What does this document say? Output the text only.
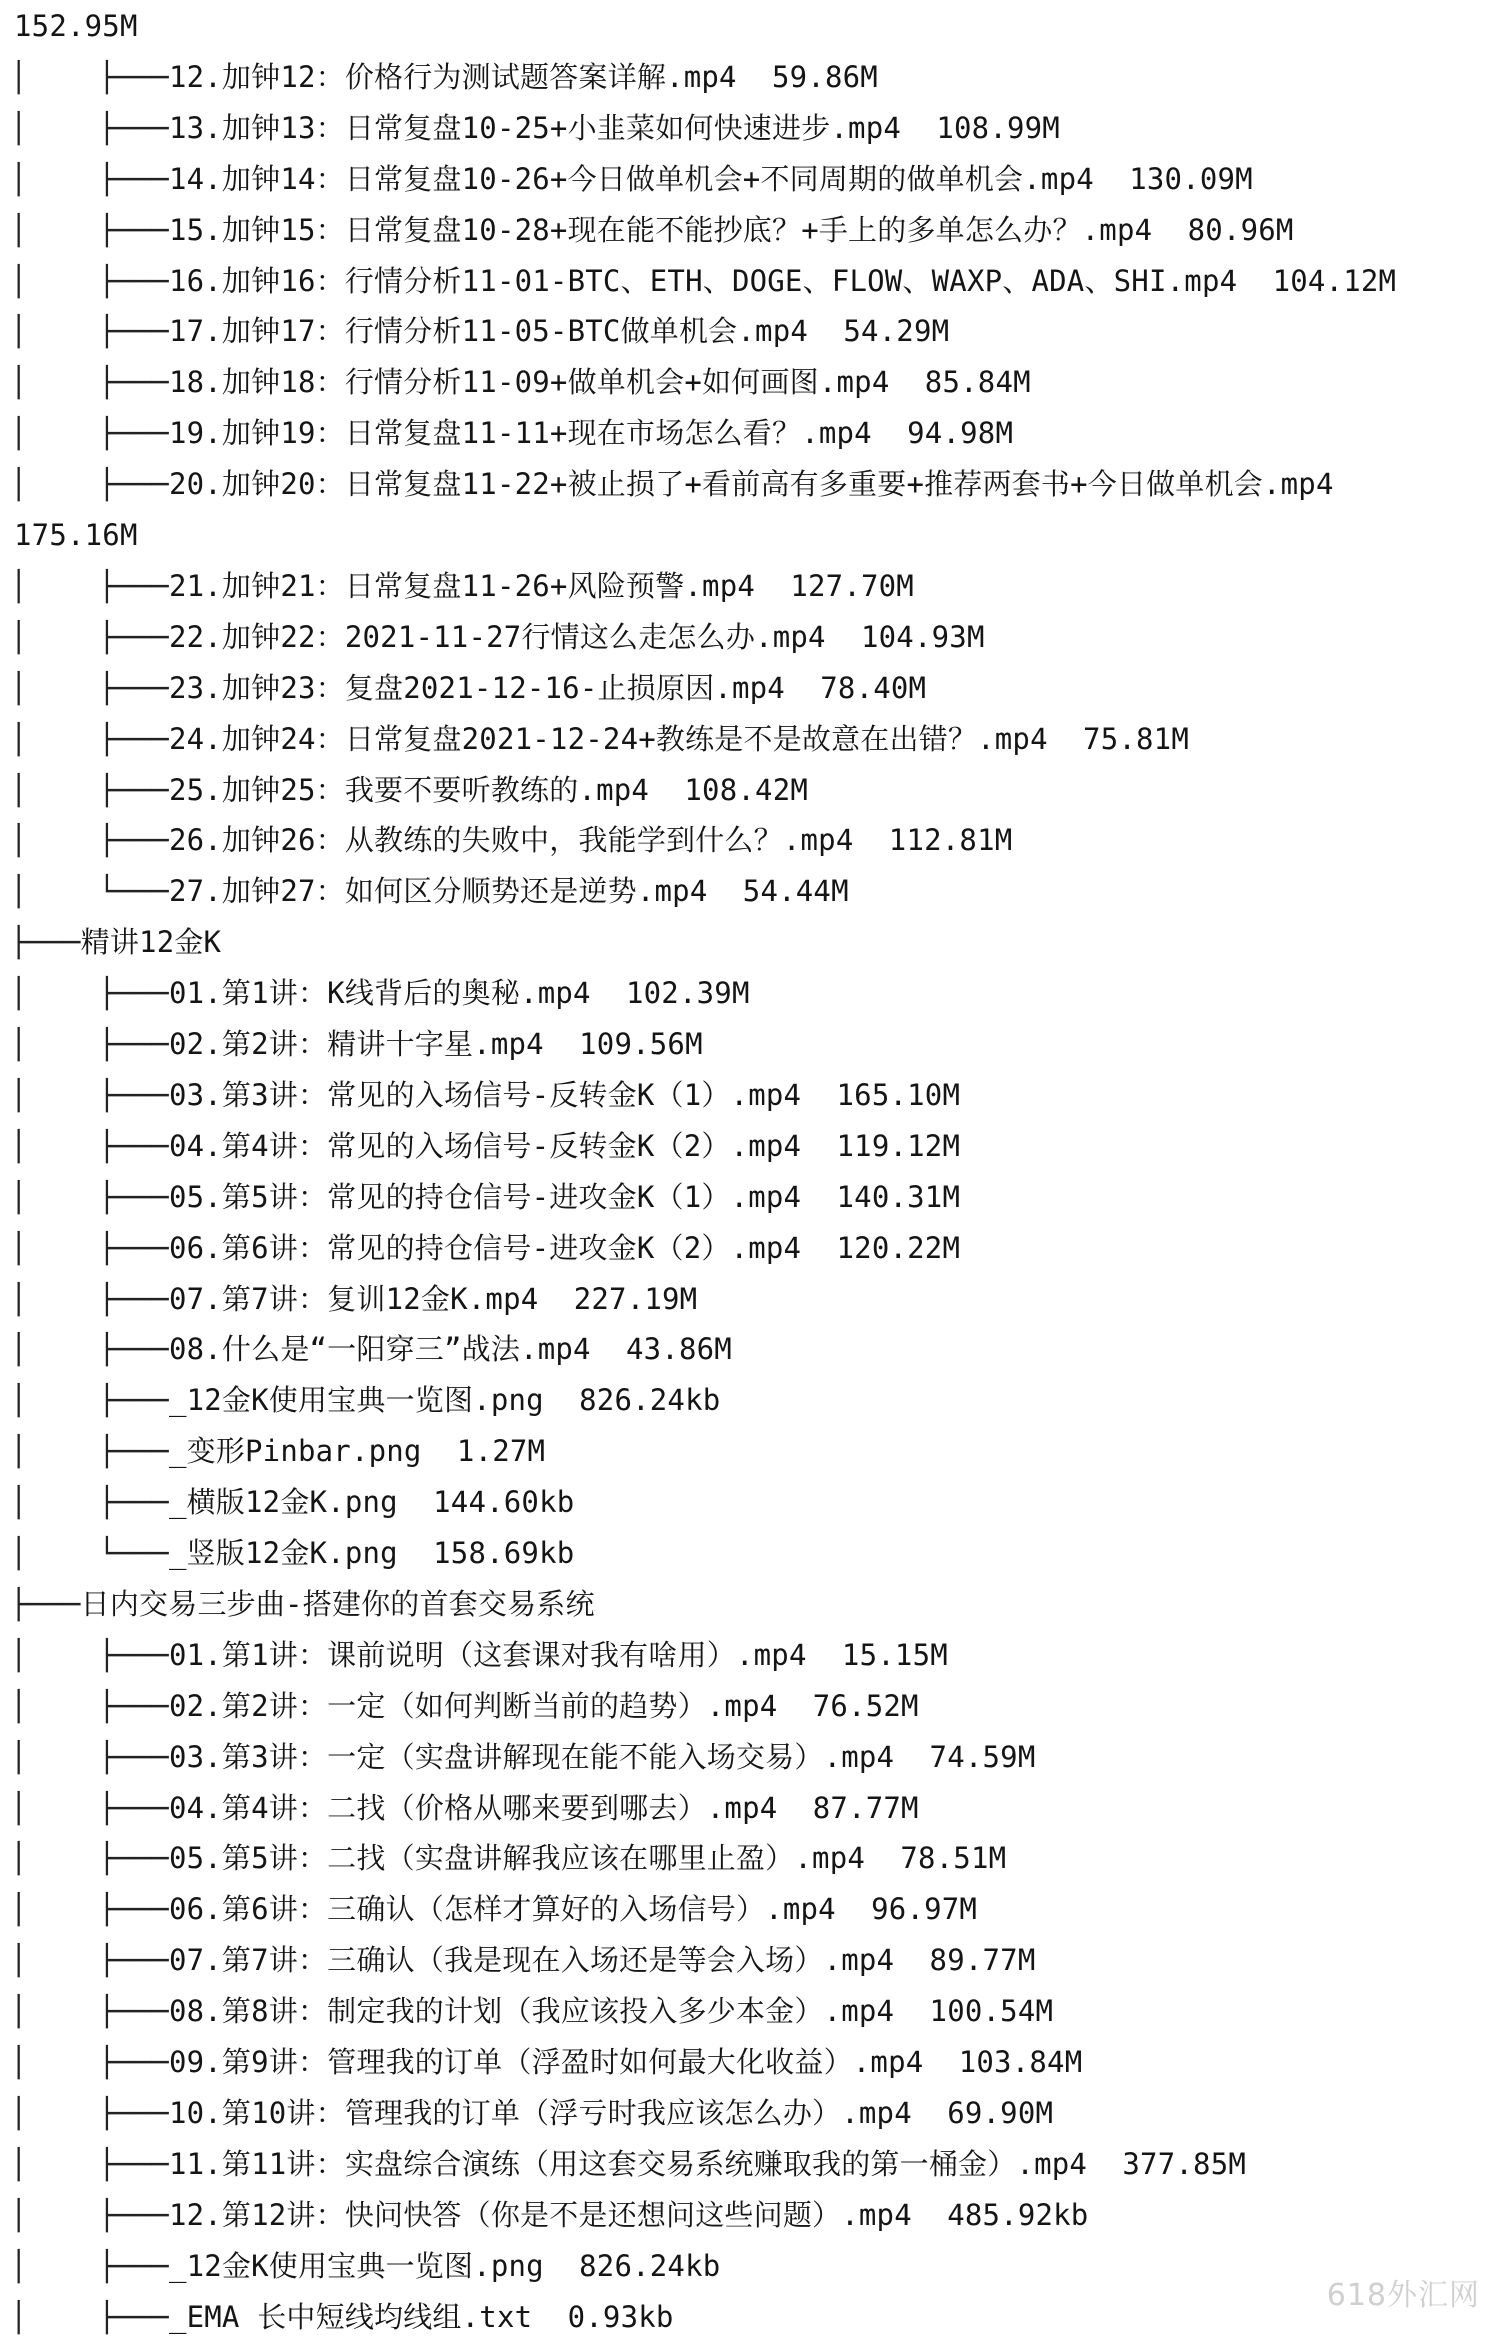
152.95M
│    ├───12.加钟12：价格行为测试题答案详解.mp4  59.86M
│    ├───13.加钟13：日常复盘10-25+小韭菜如何快速进步.mp4  108.99M
│    ├───14.加钟14：日常复盘10-26+今日做单机会+不同周期的做单机会.mp4  130.09M
│    ├───15.加钟15：日常复盘10-28+现在能不能抄底？+手上的多单怎么办？.mp4  80.96M
│    ├───16.加钟16：行情分析11-01-BTC、ETH、DOGE、FLOW、WAXP、ADA、SHI.mp4  104.12M
│    ├───17.加钟17：行情分析11-05-BTC做单机会.mp4  54.29M
│    ├───18.加钟18：行情分析11-09+做单机会+如何画图.mp4  85.84M
│    ├───19.加钟19：日常复盘11-11+现在市场怎么看？.mp4  94.98M
│    ├───20.加钟20：日常复盘11-22+被止损了+看前高有多重要+推荐两套书+今日做单机会.mp4
175.16M
│    ├───21.加钟21：日常复盘11-26+风险预警.mp4  127.70M
│    ├───22.加钟22：2021-11-27行情这么走怎么办.mp4  104.93M
│    ├───23.加钟23：复盘2021-12-16-止损原因.mp4  78.40M
│    ├───24.加钟24：日常复盘2021-12-24+教练是不是故意在出错？.mp4  75.81M
│    ├───25.加钟25：我要不要听教练的.mp4  108.42M
│    ├───26.加钟26：从教练的失败中，我能学到什么？.mp4  112.81M
│    └───27.加钟27：如何区分顺势还是逆势.mp4  54.44M
├───精讲12金K
│    ├───01.第1讲：K线背后的奥秘.mp4  102.39M
│    ├───02.第2讲：精讲十字星.mp4  109.56M
│    ├───03.第3讲：常见的入场信号-反转金K（1）.mp4  165.10M
│    ├───04.第4讲：常见的入场信号-反转金K（2）.mp4  119.12M
│    ├───05.第5讲：常见的持仓信号-进攻金K（1）.mp4  140.31M
│    ├───06.第6讲：常见的持仓信号-进攻金K（2）.mp4  120.22M
│    ├───07.第7讲：复训12金K.mp4  227.19M
│    ├───08.什么是“一阳穿三”战法.mp4  43.86M
│    ├───_12金K使用宝典一览图.png  826.24kb
│    ├───_变形Pinbar.png  1.27M
│    ├───_横版12金K.png  144.60kb
│    └───_竖版12金K.png  158.69kb
├───日内交易三步曲-搭建你的首套交易系统
│    ├───01.第1讲：课前说明（这套课对我有啥用）.mp4  15.15M
│    ├───02.第2讲：一定（如何判断当前的趋势）.mp4  76.52M
│    ├───03.第3讲：一定（实盘讲解现在能不能入场交易）.mp4  74.59M
│    ├───04.第4讲：二找（价格从哪来要到哪去）.mp4  87.77M
│    ├───05.第5讲：二找（实盘讲解我应该在哪里止盈）.mp4  78.51M
│    ├───06.第6讲：三确认（怎样才算好的入场信号）.mp4  96.97M
│    ├───07.第7讲：三确认（我是现在入场还是等会入场）.mp4  89.77M
│    ├───08.第8讲：制定我的计划（我应该投入多少本金）.mp4  100.54M
│    ├───09.第9讲：管理我的订单（浮盈时如何最大化收益）.mp4  103.84M
│    ├───10.第10讲：管理我的订单（浮亏时我应该怎么办）.mp4  69.90M
│    ├───11.第11讲：实盘综合演练（用这套交易系统赚取我的第一桶金）.mp4  377.85M
│    ├───12.第12讲：快问快答（你是不是还想问这些问题）.mp4  485.92kb
│    ├───_12金K使用宝典一览图.png  826.24kb
│    ├───_EMA 长中短线均线组.txt  0.93kb
618外汇网
